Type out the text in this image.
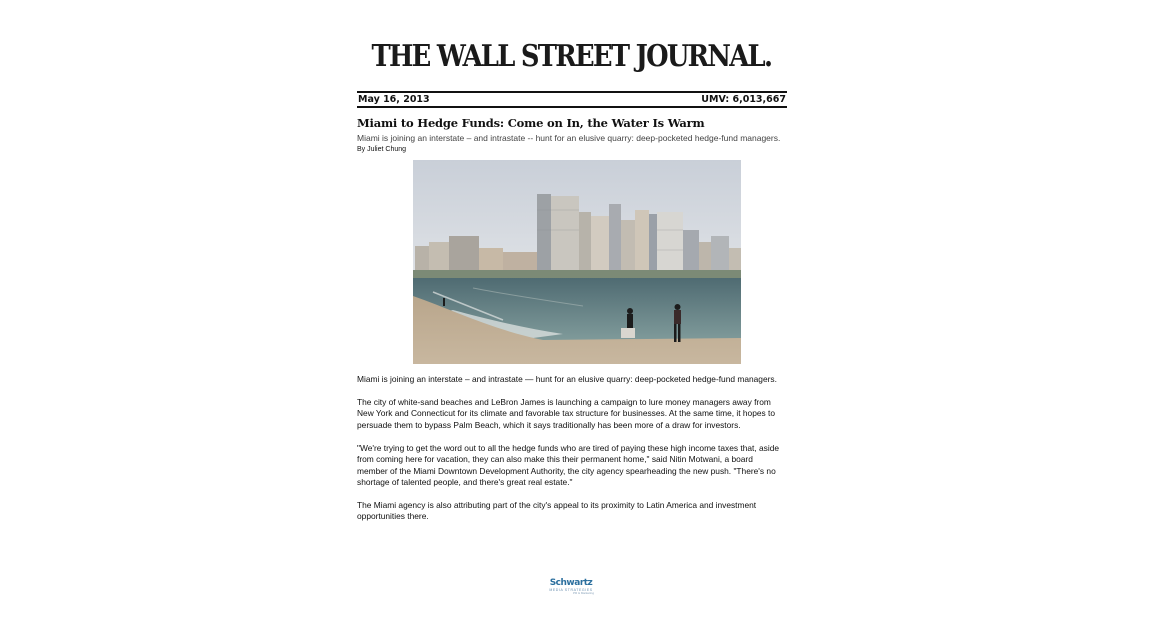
THE WALL STREET JOURNAL.
May 16, 2013	UMV: 6,013,667
Miami to Hedge Funds: Come on In, the Water Is Warm
Miami is joining an interstate – and intrastate -- hunt for an elusive quarry: deep-pocketed hedge-fund managers.
By Juliet Chung

Miami is joining an interstate – and intrastate — hunt for an elusive quarry: deep-pocketed hedge-fund managers.

The city of white-sand beaches and LeBron James is launching a campaign to lure money managers away from New York and Connecticut for its climate and favorable tax structure for businesses. At the same time, it hopes to persuade them to bypass Palm Beach, which it says traditionally has been more of a draw for investors.

"We're trying to get the word out to all the hedge funds who are tired of paying these high income taxes that, aside from coming here for vacation, they can also make this their permanent home," said Nitin Motwani, a board member of the Miami Downtown Development Authority, the city agency spearheading the new push. "There's no shortage of talented people, and there's great real estate."

The Miami agency is also attributing part of the city's appeal to its proximity to Latin America and investment opportunities there.

Schwartz
MEDIA STRATEGIES
PR & Marketing
